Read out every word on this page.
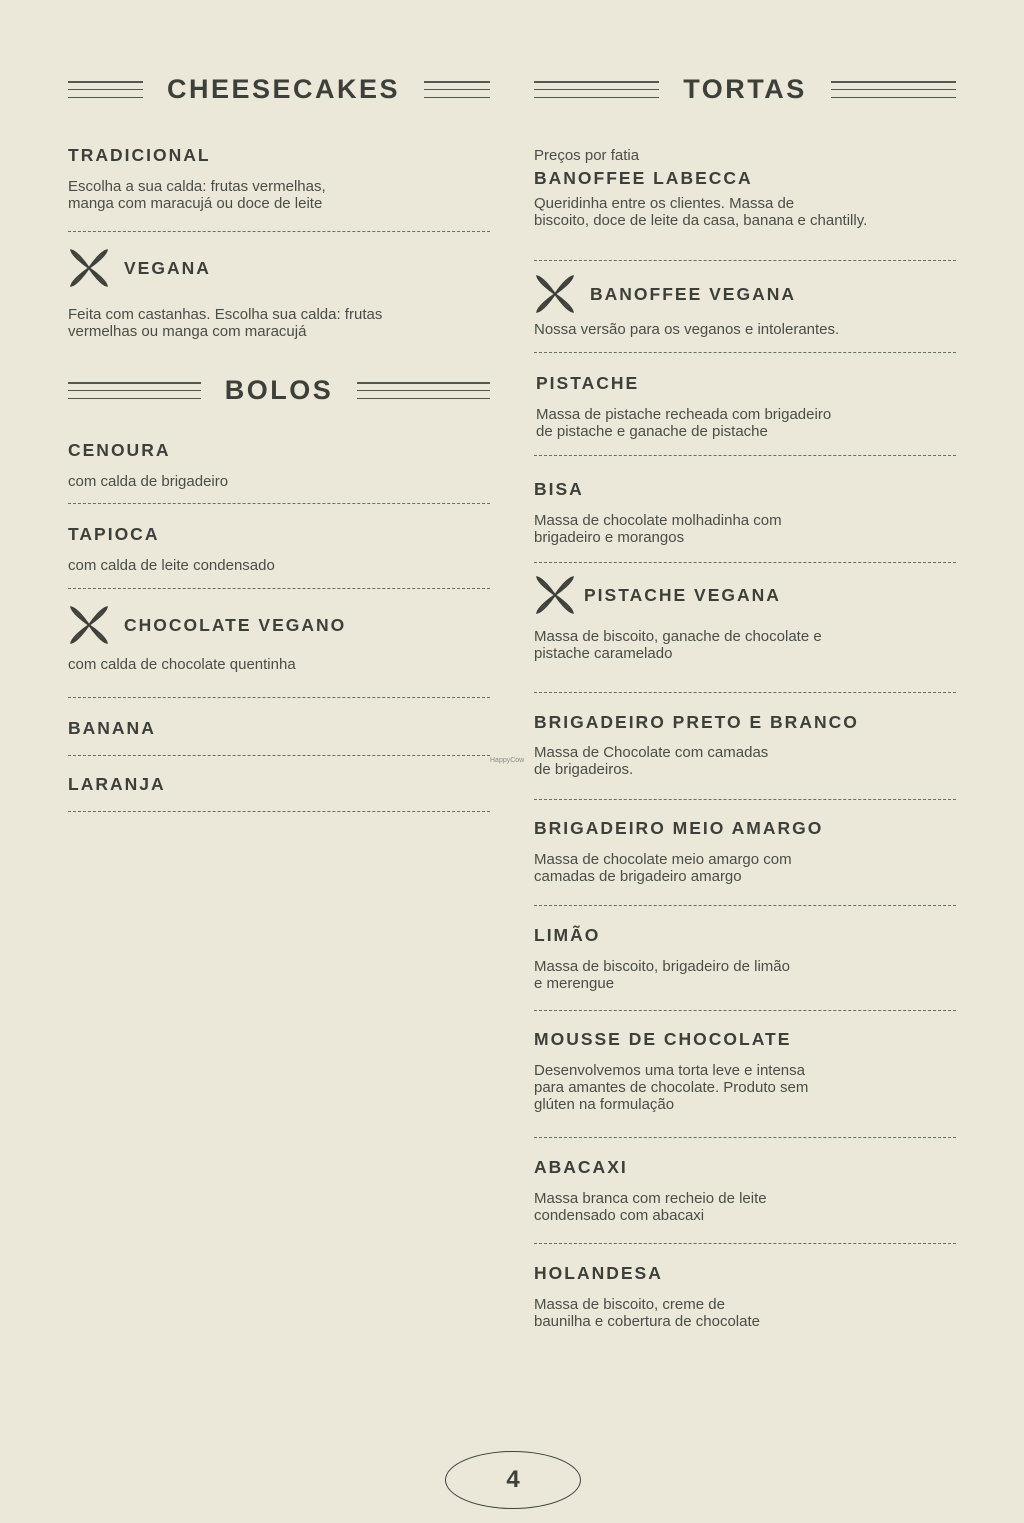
CHEESECAKES	TORTAS
TRADICIONAL
Escolha a sua calda: frutas vermelhas,
manga com maracujá ou doce de leite
VEGANA
Feita com castanhas. Escolha sua calda: frutas
vermelhas ou manga com maracujá
BOLOS
CENOURA
com calda de brigadeiro
TAPIOCA
com calda de leite condensado
CHOCOLATE VEGANO
com calda de chocolate quentinha
BANANA
LARANJA
Preços por fatia
BANOFFEE LABECCA
Queridinha entre os clientes. Massa de
biscoito, doce de leite da casa, banana e chantilly.
BANOFFEE VEGANA
Nossa versão para os veganos e intolerantes.
PISTACHE
Massa de pistache recheada com brigadeiro
de pistache e ganache de pistache
BISA
Massa de chocolate molhadinha com
brigadeiro e morangos
PISTACHE VEGANA
Massa de biscoito, ganache de chocolate e
pistache caramelado
BRIGADEIRO PRETO E BRANCO
Massa de Chocolate com camadas
de brigadeiros.
BRIGADEIRO MEIO AMARGO
Massa de chocolate meio amargo com
camadas de brigadeiro amargo
LIMÃO
Massa de biscoito, brigadeiro de limão
e merengue
MOUSSE DE CHOCOLATE
Desenvolvemos uma torta leve e intensa
para amantes de chocolate. Produto sem
glúten na formulação
ABACAXI
Massa branca com recheio de leite
condensado com abacaxi
HOLANDESA
Massa de biscoito, creme de
baunilha e cobertura de chocolate
HappyCow
4
